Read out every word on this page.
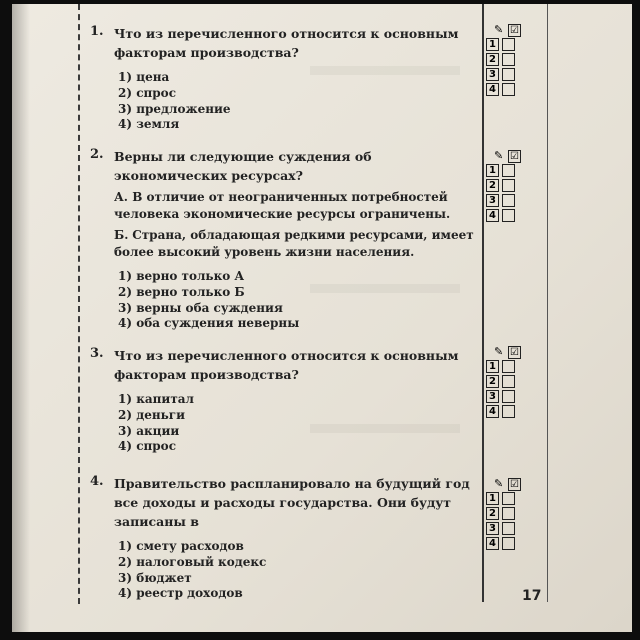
1. Что из перечисленного относится к основным факторам производства?
1) цена
2) спрос
3) предложение
4) земля
2. Верны ли следующие суждения об экономических ресурсах?
А. В отличие от неограниченных потребностей человека экономические ресурсы ограничены.
Б. Страна, обладающая редкими ресурсами, имеет более высокий уровень жизни населения.
1) верно только А
2) верно только Б
3) верны оба суждения
4) оба суждения неверны
3. Что из перечисленного относится к основным факторам производства?
1) капитал
2) деньги
3) акции
4) спрос
4. Правительство распланировало на будущий год все доходы и расходы государства. Они будут записаны в
1) смету расходов
2) налоговый кодекс
3) бюджет
4) реестр доходов
✎ ☑
1
2
3
4
✎ ☑
1
2
3
4
✎ ☑
1
2
3
4
✎ ☑
1
2
3
4
17
